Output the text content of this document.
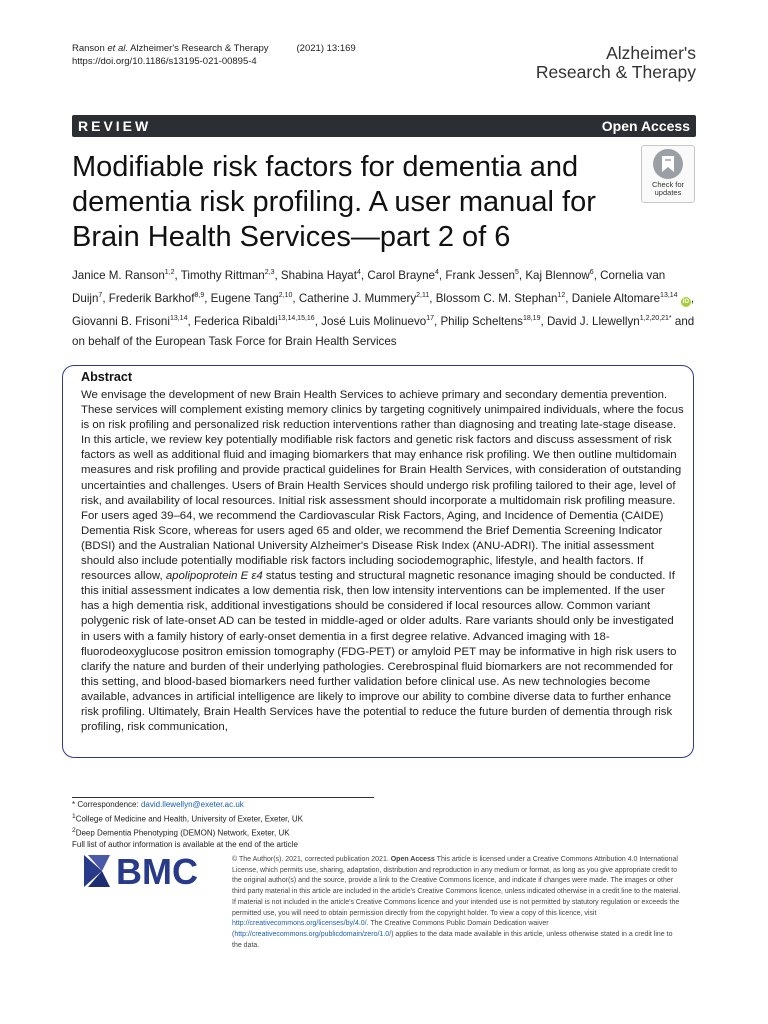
Ranson et al. Alzheimer's Research & Therapy	(2021) 13:169
https://doi.org/10.1186/s13195-021-00895-4	Alzheimer's
Research & Therapy
REVIEW	Open Access
Modifiable risk factors for dementia and dementia risk profiling. A user manual for Brain Health Services—part 2 of 6
Check for
updates
Janice M. Ranson$^{1,2}$, Timothy Rittman$^{2,3}$, Shabina Hayat$^4$, Carol Brayne$^4$, Frank Jessen$^5$, Kaj Blennow$^6$, Cornelia van Duijn$^7$, Frederik Barkhof$^{8,9}$, Eugene Tang$^{2,10}$, Catherine J. Mummery$^{2,11}$, Blossom C. M. Stephan$^{12}$, Daniele Altomare$^{13,14}$ iD , Giovanni B. Frisoni$^{13,14}$, Federica Ribaldi$^{13,14,15,16}$, José Luis Molinuevo$^{17}$, Philip Scheltens$^{18,19}$, David J. Llewellyn$^{1,2,20,21*}$ and on behalf of the European Task Force for Brain Health Services
Abstract

We envisage the development of new Brain Health Services to achieve primary and secondary dementia prevention. These services will complement existing memory clinics by targeting cognitively unimpaired individuals, where the focus is on risk profiling and personalized risk reduction interventions rather than diagnosing and treating late-stage disease. In this article, we review key potentially modifiable risk factors and genetic risk factors and discuss assessment of risk factors as well as additional fluid and imaging biomarkers that may enhance risk profiling. We then outline multidomain measures and risk profiling and provide practical guidelines for Brain Health Services, with consideration of outstanding uncertainties and challenges. Users of Brain Health Services should undergo risk profiling tailored to their age, level of risk, and availability of local resources. Initial risk assessment should incorporate a multidomain risk profiling measure. For users aged 39–64, we recommend the Cardiovascular Risk Factors, Aging, and Incidence of Dementia (CAIDE) Dementia Risk Score, whereas for users aged 65 and older, we recommend the Brief Dementia Screening Indicator (BDSI) and the Australian National University Alzheimer's Disease Risk Index (ANU-ADRI). The initial assessment should also include potentially modifiable risk factors including sociodemographic, lifestyle, and health factors. If resources allow, apolipoprotein E ε4 status testing and structural magnetic resonance imaging should be conducted. If this initial assessment indicates a low dementia risk, then low intensity interventions can be implemented. If the user has a high dementia risk, additional investigations should be considered if local resources allow. Common variant polygenic risk of late-onset AD can be tested in middle-aged or older adults. Rare variants should only be investigated in users with a family history of early-onset dementia in a first degree relative. Advanced imaging with 18-fluorodeoxyglucose positron emission tomography (FDG-PET) or amyloid PET may be informative in high risk users to clarify the nature and burden of their underlying pathologies. Cerebrospinal fluid biomarkers are not recommended for this setting, and blood-based biomarkers need further validation before clinical use. As new technologies become available, advances in artificial intelligence are likely to improve our ability to combine diverse data to further enhance risk profiling. Ultimately, Brain Health Services have the potential to reduce the future burden of dementia through risk profiling, risk communication,

* Correspondence: david.llewellyn@exeter.ac.uk
$^1$College of Medicine and Health, University of Exeter, Exeter, UK
$^2$Deep Dementia Phenotyping (DEMON) Network, Exeter, UK
Full list of author information is available at the end of the article
BMC	© The Author(s). 2021, corrected publication 2021. Open Access This article is licensed under a Creative Commons Attribution 4.0 International License, which permits use, sharing, adaptation, distribution and reproduction in any medium or format, as long as you give appropriate credit to the original author(s) and the source, provide a link to the Creative Commons licence, and indicate if changes were made. The images or other third party material in this article are included in the article's Creative Commons licence, unless indicated otherwise in a credit line to the material. If material is not included in the article's Creative Commons licence and your intended use is not permitted by statutory regulation or exceeds the permitted use, you will need to obtain permission directly from the copyright holder. To view a copy of this licence, visit http://creativecommons.org/licenses/by/4.0/. The Creative Commons Public Domain Dedication waiver (http://creativecommons.org/publicdomain/zero/1.0/) applies to the data made available in this article, unless otherwise stated in a credit line to the data.
